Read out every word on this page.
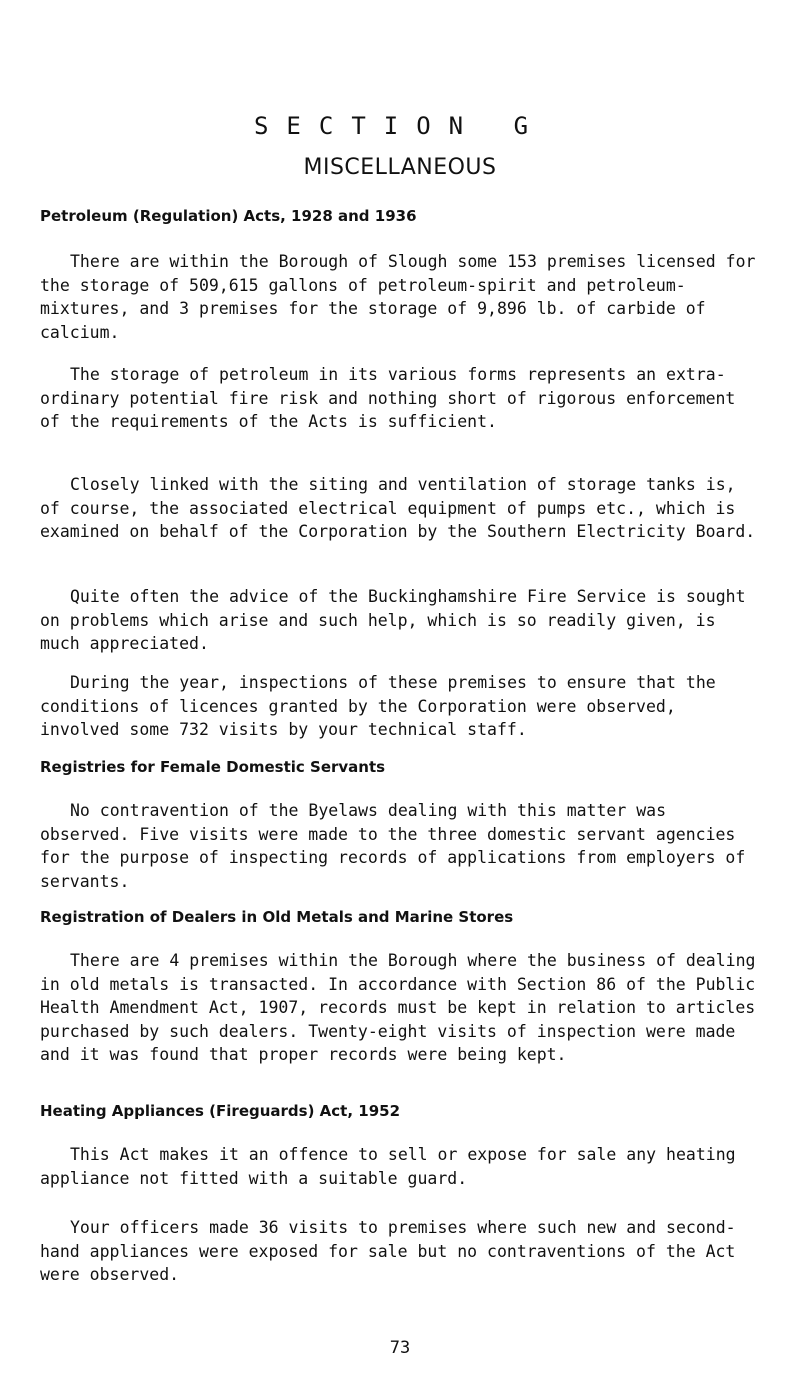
SECTION G
MISCELLANEOUS
Petroleum (Regulation) Acts, 1928 and 1936

There are within the Borough of Slough some 153 premises licensed for the storage of 509,615 gallons of petroleum-spirit and petroleum-mixtures, and 3 premises for the storage of 9,896 lb. of carbide of calcium.

The storage of petroleum in its various forms represents an extra-ordinary potential fire risk and nothing short of rigorous enforcement of the requirements of the Acts is sufficient.

Closely linked with the siting and ventilation of storage tanks is, of course, the associated electrical equipment of pumps etc., which is examined on behalf of the Corporation by the Southern Electricity Board.

Quite often the advice of the Buckinghamshire Fire Service is sought on problems which arise and such help, which is so readily given, is much appreciated.

During the year, inspections of these premises to ensure that the conditions of licences granted by the Corporation were observed, involved some 732 visits by your technical staff.

Registries for Female Domestic Servants

No contravention of the Byelaws dealing with this matter was observed. Five visits were made to the three domestic servant agencies for the purpose of inspecting records of applications from employers of servants.

Registration of Dealers in Old Metals and Marine Stores

There are 4 premises within the Borough where the business of dealing in old metals is transacted. In accordance with Section 86 of the Public Health Amendment Act, 1907, records must be kept in relation to articles purchased by such dealers. Twenty-eight visits of inspection were made and it was found that proper records were being kept.

Heating Appliances (Fireguards) Act, 1952

This Act makes it an offence to sell or expose for sale any heating appliance not fitted with a suitable guard.

Your officers made 36 visits to premises where such new and second-hand appliances were exposed for sale but no contraventions of the Act were observed.

73
